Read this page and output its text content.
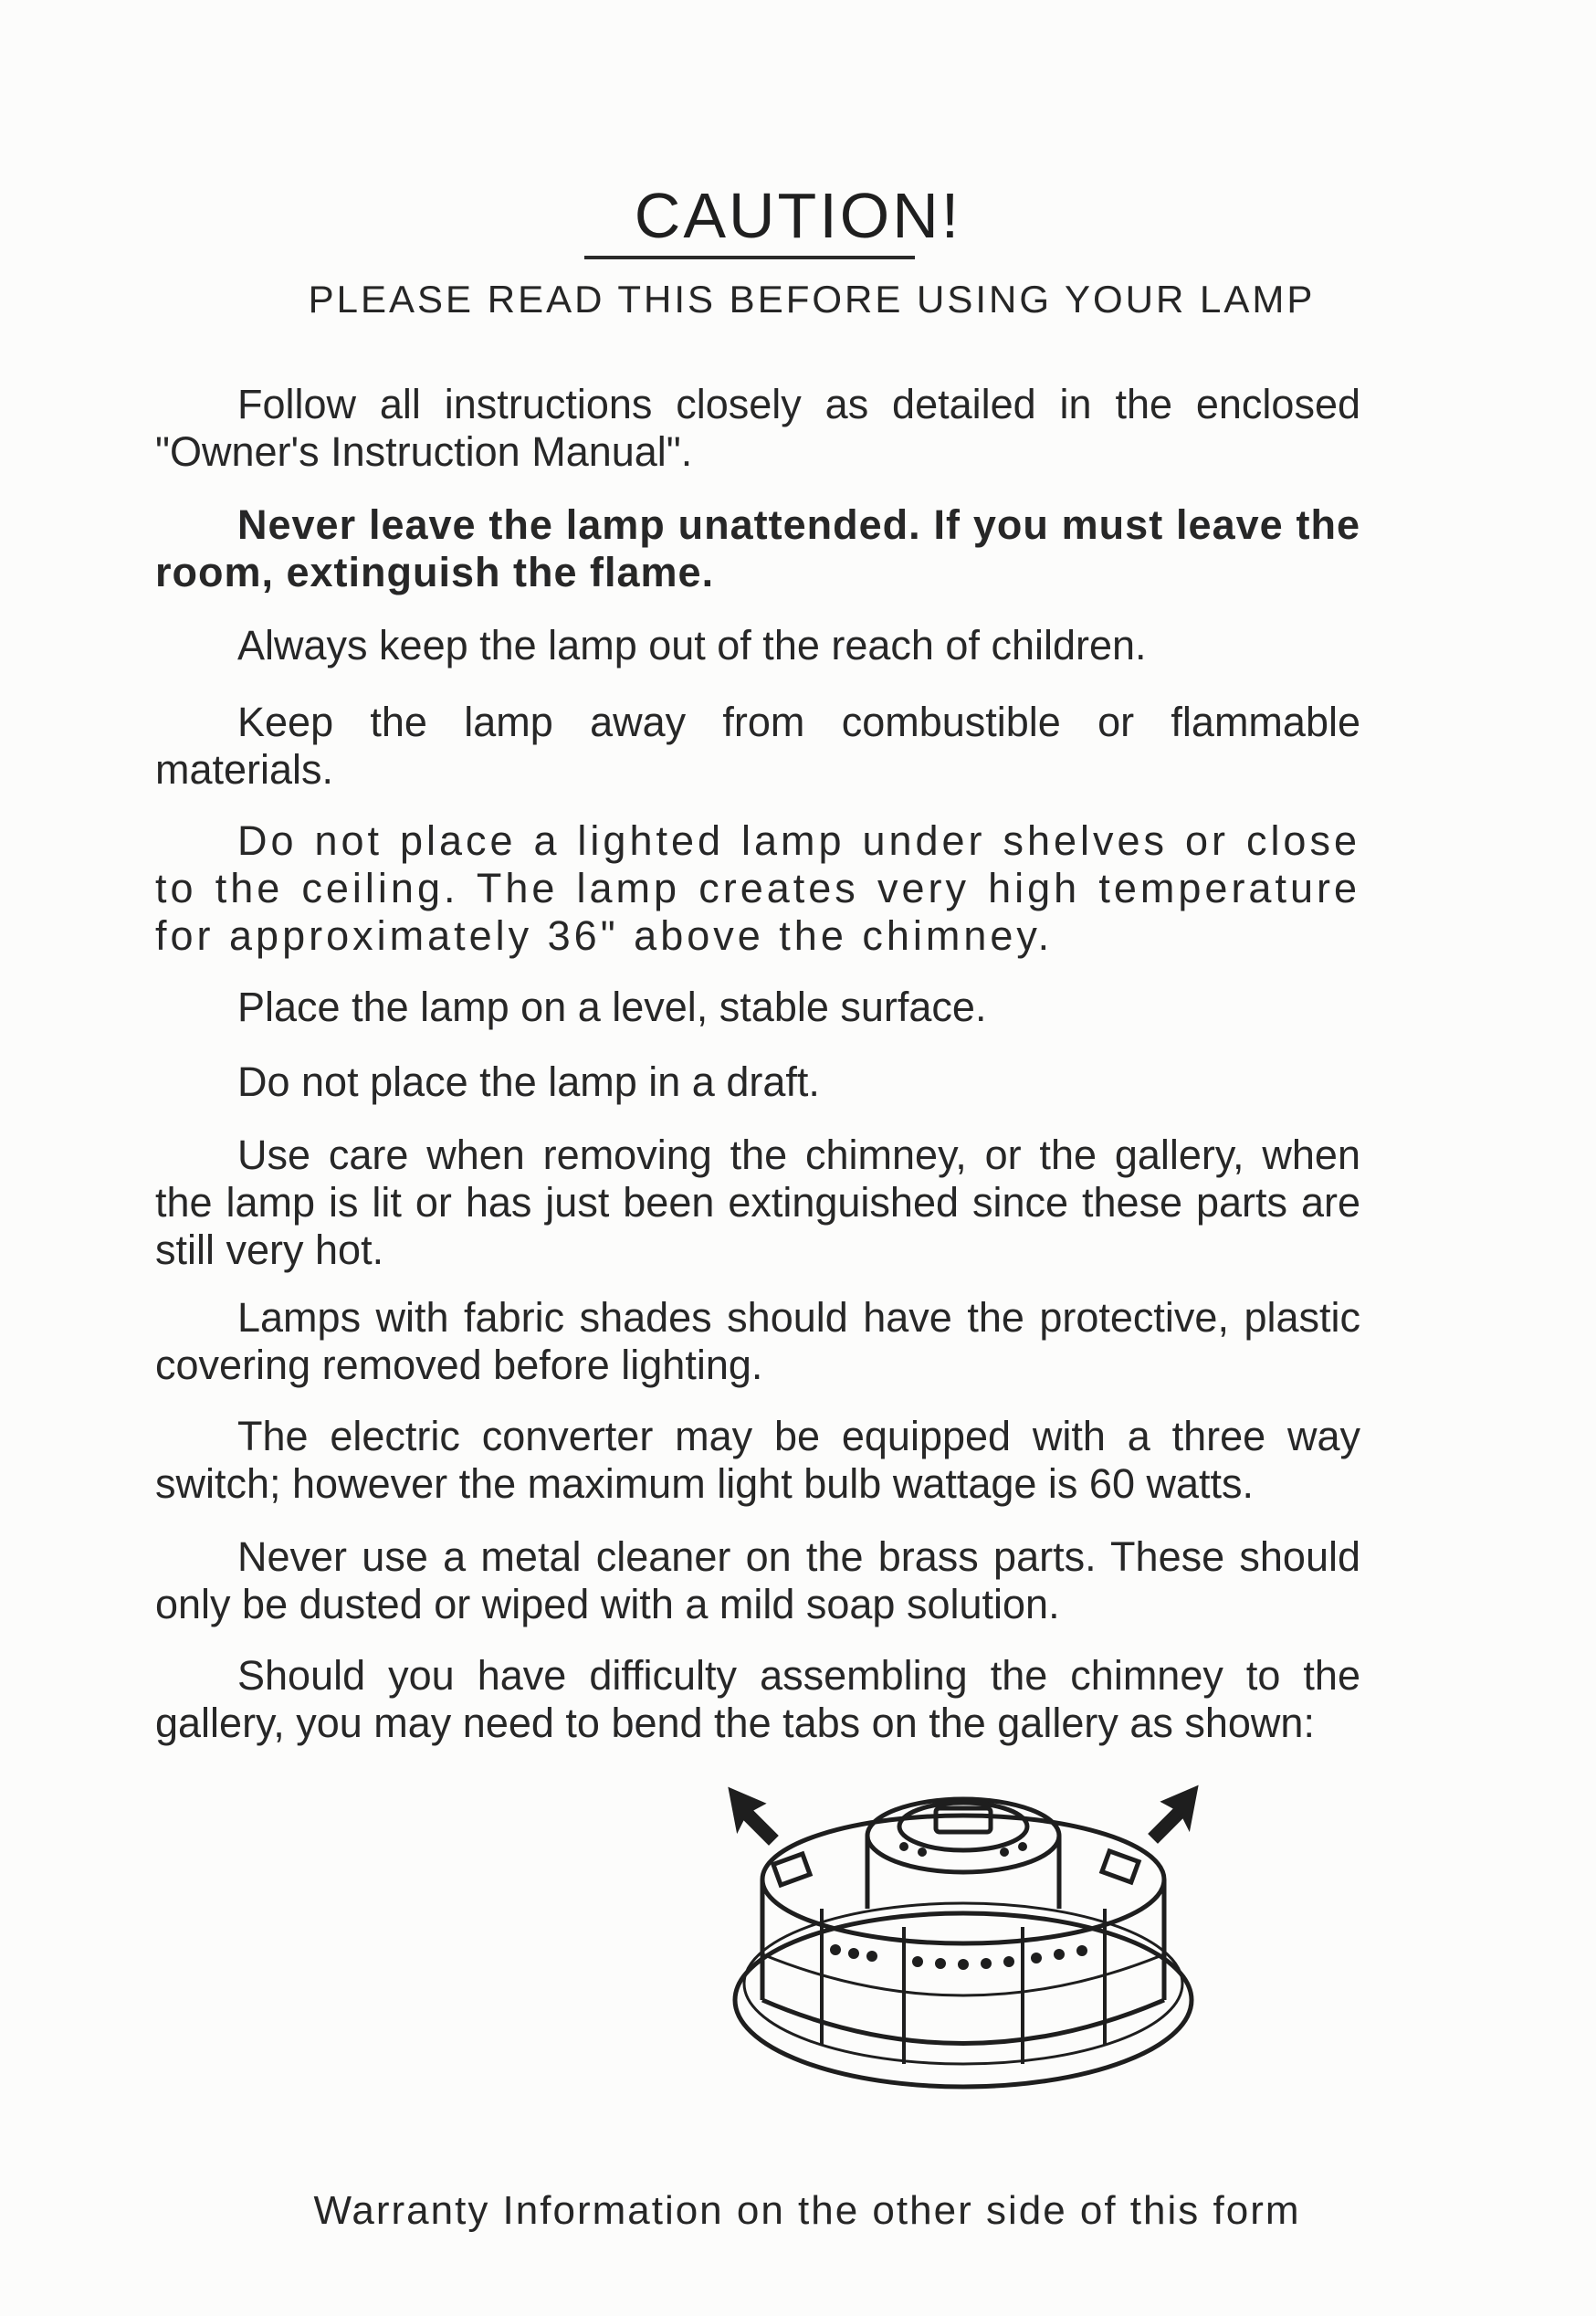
CAUTION!
PLEASE READ THIS BEFORE USING YOUR LAMP

Follow all instructions closely as detailed in the enclosed "Owner's Instruction Manual".

Never leave the lamp unattended. If you must leave the room, extinguish the flame.

Always keep the lamp out of the reach of children.

Keep the lamp away from combustible or flammable materials.

Do not place a lighted lamp under shelves or close to the ceiling. The lamp creates very high temperature for approximately 36" above the chimney.

Place the lamp on a level, stable surface.

Do not place the lamp in a draft.

Use care when removing the chimney, or the gallery, when the lamp is lit or has just been extinguished since these parts are still very hot.

Lamps with fabric shades should have the protective, plastic covering removed before lighting.

The electric converter may be equipped with a three way switch; however the maximum light bulb wattage is 60 watts.

Never use a metal cleaner on the brass parts. These should only be dusted or wiped with a mild soap solution.

Should you have difficulty assembling the chimney to the gallery, you may need to bend the tabs on the gallery as shown:

Warranty Information on the other side of this form
